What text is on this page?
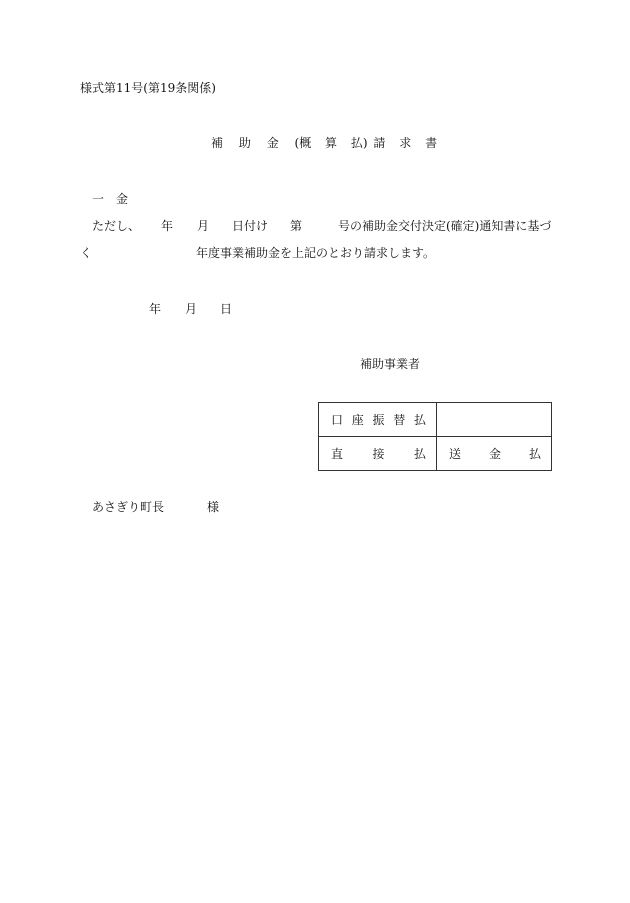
様式第11号(第19条関係)
補 助 金 (概 算 払) 請 求 書
一 金
ただし、 年 月 日付け 第	号の補助金交付決定(確定)通知書に基づ
く	年度事業補助金を上記のとおり請求します。
年 月 日
補助事業者
口 座 振 替 払	

直 接 払	送 金 払
あさぎり町長	様
